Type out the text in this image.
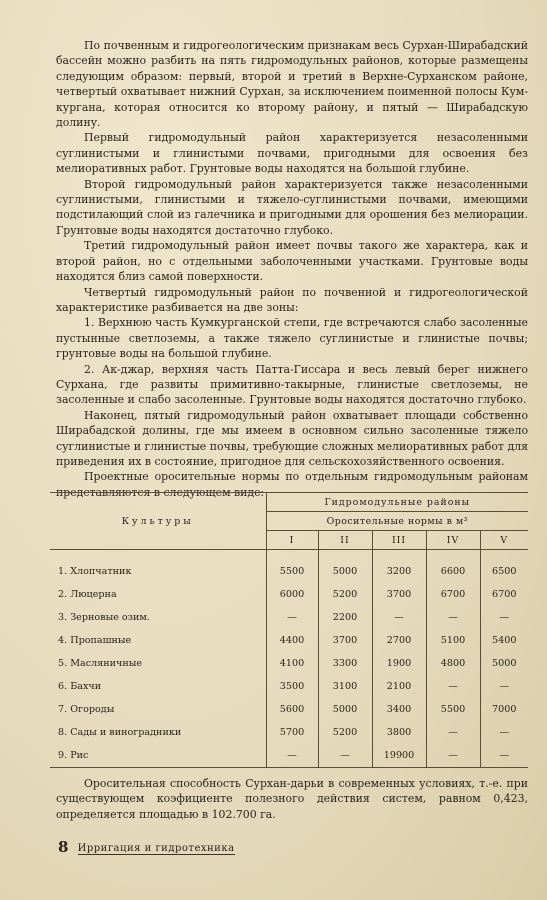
По почвенным и гидрогеологическим признакам весь Сурхан-Ширабадский бассейн можно разбить на пять гидромодульных районов, которые размещены следующим образом: первый, второй и третий в Верхне-Сурханском районе, четвертый охватывает нижний Сурхан, за исключением поименной полосы Кум-кургана, которая относится ко второму району, и пятый — Ширабадскую долину.

Первый гидромодульный район характеризуется незасоленными суглинистыми и глинистыми почвами, пригодными для освоения без мелиоративных работ. Грунтовые воды находятся на большой глубине.

Второй гидромодульный район характеризуется также незасоленными суглинистыми, глинистыми и тяжело-суглинистыми почвами, имеющими подстилающий слой из галечника и пригодными для орошения без мелиорации. Грунтовые воды находятся достаточно глубоко.

Третий гидромодульный район имеет почвы такого же характера, как и второй район, но с отдельными заболоченными участками. Грунтовые воды находятся близ самой поверхности.

Четвертый гидромодульный район по почвенной и гидрогеологической характеристике разбивается на две зоны:

1. Верхнюю часть Кумкурганской степи, где встречаются слабо засоленные пустынные светлоземы, а также тяжело суглинистые и глинистые почвы; грунтовые воды на большой глубине.

2. Ак-джар, верхняя часть Патта-Гиссара и весь левый берег нижнего Сурхана, где развиты примитивно-такырные, глинистые светлоземы, не засоленные и слабо засоленные. Грунтовые воды находятся достаточно глубоко.

Наконец, пятый гидромодульный район охватывает площади собственно Ширабадской долины, где мы имеем в основном сильно засоленные тяжело суглинистые и глинистые почвы, требующие сложных мелиоративных работ для приведения их в состояние, пригодное для сельскохозяйственного освоения.

Проектные оросительные нормы по отдельным гидромодульным районам представляются в следующем виде:

Культуры	Гидромодульные районы				
	Оросительные нормы в м³				
	I	II	III	IV	V

1. Хлопчатник	5500	5000	3200	6600	6500
2. Люцерна	6000	5200	3700	6700	6700
3. Зерновые озим.	—	2200	—	—	—
4. Пропашные	4400	3700	2700	5100	5400
5. Масляничные	4100	3300	1900	4800	5000
6. Бахчи	3500	3100	2100	—	—
7. Огороды	5600	5000	3400	5500	7000
8. Сады и виноградники	5700	5200	3800	—	—
9. Рис	—	—	19900	—	—

Оросительная способность Сурхан-дарьи в современных условиях, т.-е. при существующем коэфициенте полезного действия систем, равном 0,423, определяется площадью в 102.700 га.

8 Ирригация и гидротехника
